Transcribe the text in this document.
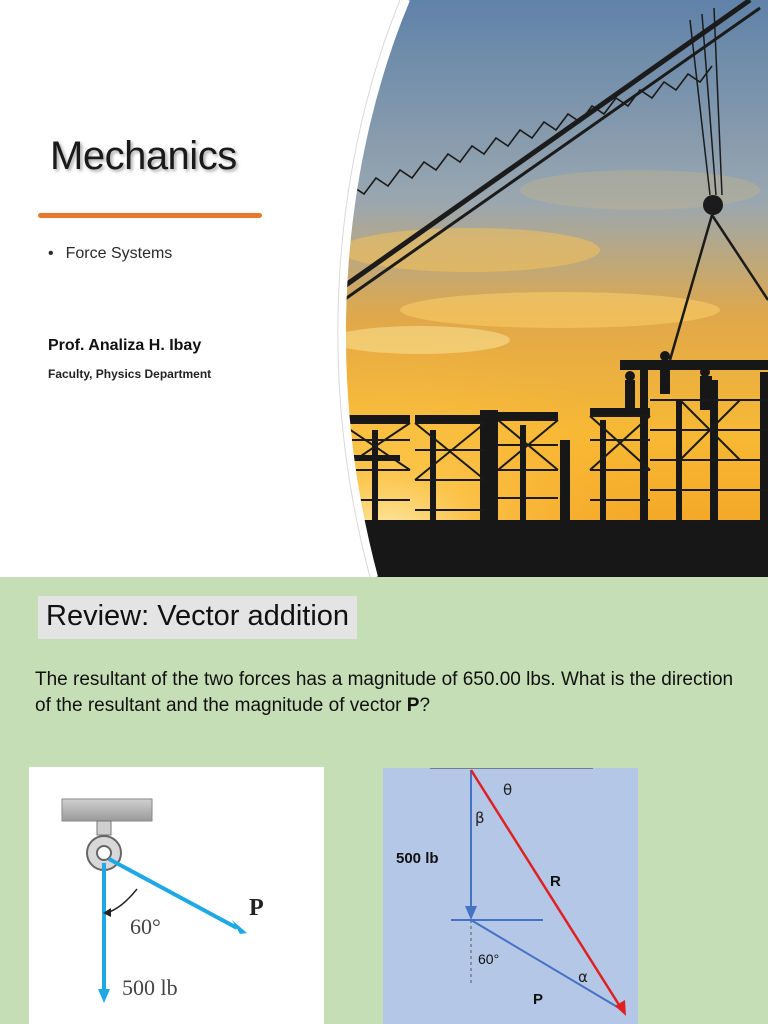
Mechanics
• Force Systems
Prof. Analiza H. Ibay
Faculty, Physics Department
Review: Vector addition
The resultant of the two forces has a magnitude of 650.00 lbs. What is the direction of the resultant and the magnitude of vector P?
P
60°
500 lb
θ
β
500 lb
R
60°
α
P
